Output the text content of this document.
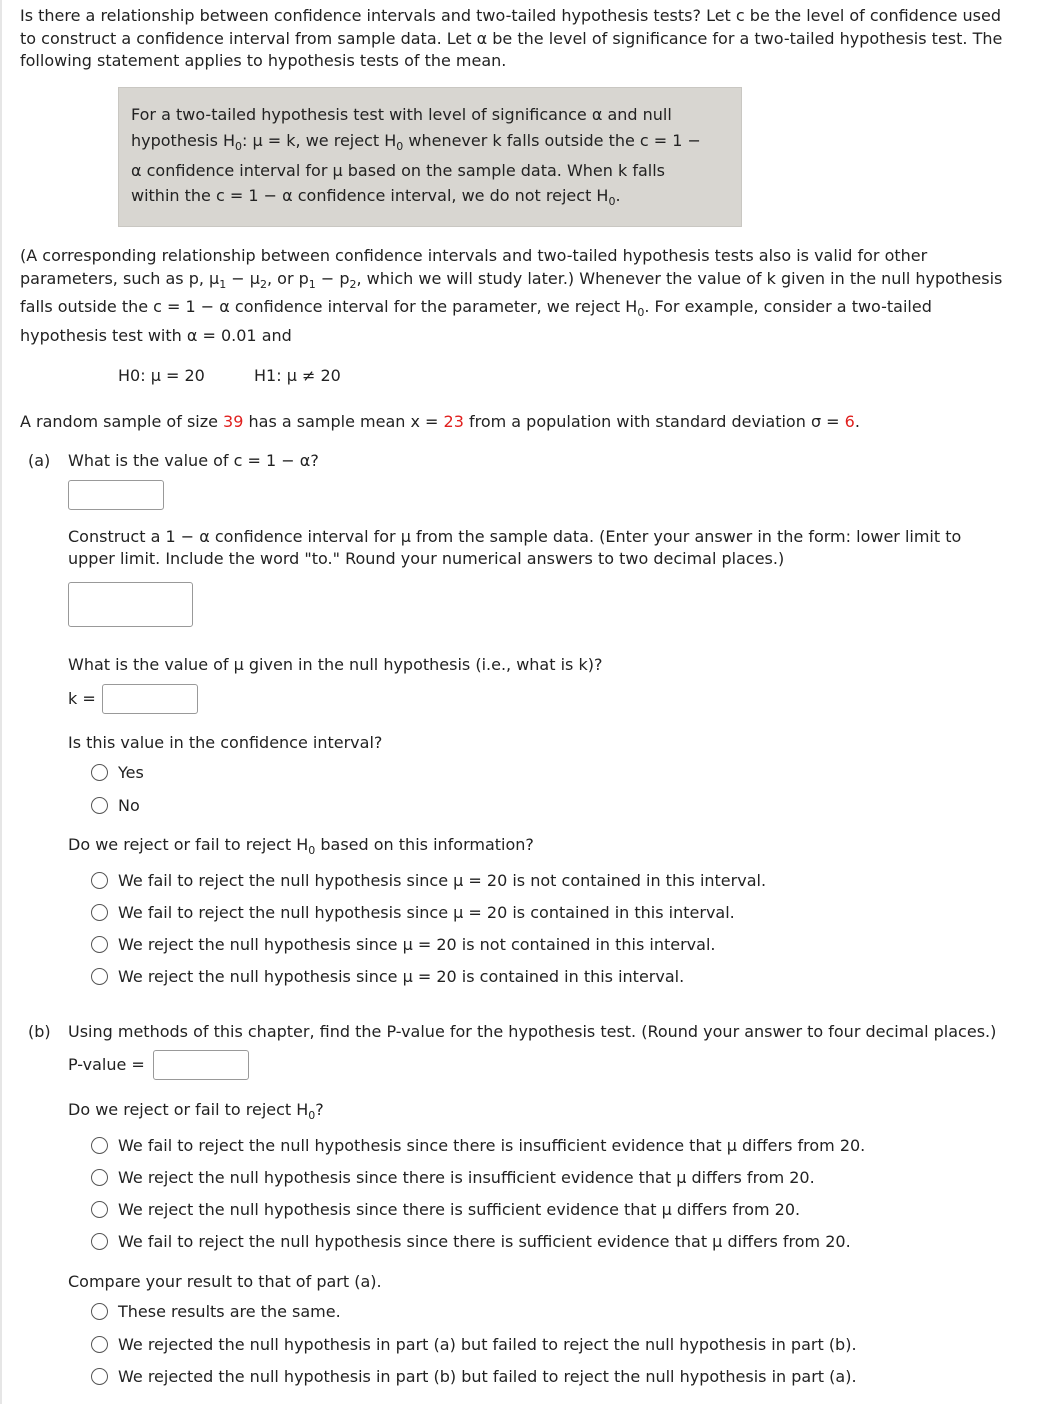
Is there a relationship between confidence intervals and two-tailed hypothesis tests? Let c be the level of confidence used
to construct a confidence interval from sample data. Let α be the level of significance for a two-tailed hypothesis test. The
following statement applies to hypothesis tests of the mean.
For a two-tailed hypothesis test with level of significance α and null
hypothesis $H_0$: μ = k, we reject $H_0$ whenever k falls outside the c = 1 −
α confidence interval for μ based on the sample data. When k falls
within the c = 1 − α confidence interval, we do not reject $H_0$.
(A corresponding relationship between confidence intervals and two-tailed hypothesis tests also is valid for other
parameters, such as p, $\mu_1 - \mu_2$, or $p_1 - p_2$, which we will study later.) Whenever the value of k given in the null hypothesis
falls outside the c = 1 − α confidence interval for the parameter, we reject $H_0$. For example, consider a two-tailed
hypothesis test with α = 0.01 and
H0: μ = 20	H1: μ ≠ 20
A random sample of size 39 has a sample mean x = 23 from a population with standard deviation σ = 6.
(a) What is the value of c = 1 − α?
Construct a 1 − α confidence interval for μ from the sample data. (Enter your answer in the form: lower limit to
upper limit. Include the word "to." Round your numerical answers to two decimal places.)
What is the value of μ given in the null hypothesis (i.e., what is k)?
k =
Is this value in the confidence interval?
Yes
No
Do we reject or fail to reject $H_0$ based on this information?
We fail to reject the null hypothesis since μ = 20 is not contained in this interval.
We fail to reject the null hypothesis since μ = 20 is contained in this interval.
We reject the null hypothesis since μ = 20 is not contained in this interval.
We reject the null hypothesis since μ = 20 is contained in this interval.
(b) Using methods of this chapter, find the P-value for the hypothesis test. (Round your answer to four decimal places.)
P-value =
Do we reject or fail to reject $H_0$?
We fail to reject the null hypothesis since there is insufficient evidence that μ differs from 20.
We reject the null hypothesis since there is insufficient evidence that μ differs from 20.
We reject the null hypothesis since there is sufficient evidence that μ differs from 20.
We fail to reject the null hypothesis since there is sufficient evidence that μ differs from 20.
Compare your result to that of part (a).
These results are the same.
We rejected the null hypothesis in part (a) but failed to reject the null hypothesis in part (b).
We rejected the null hypothesis in part (b) but failed to reject the null hypothesis in part (a).
